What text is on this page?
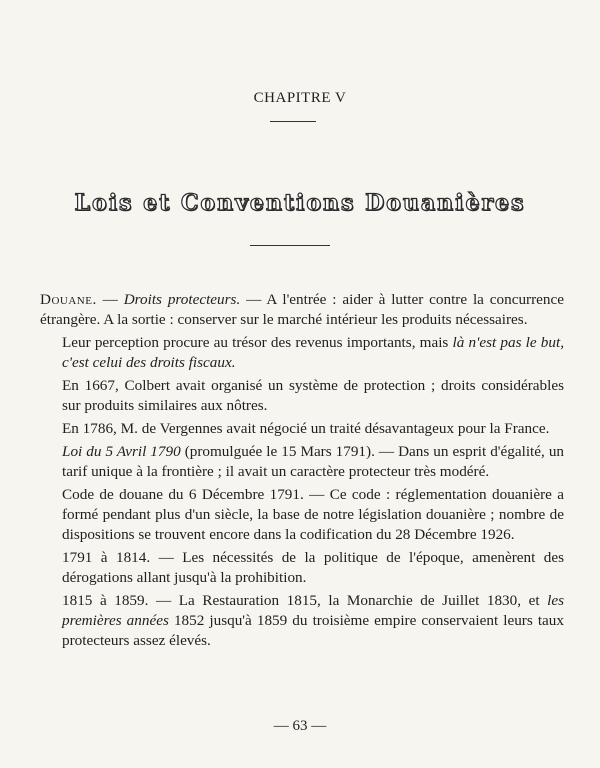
CHAPITRE V
Lois et Conventions Douanières

Douane. — Droits protecteurs. — A l'entrée : aider à lutter contre la concurrence étrangère. A la sortie : conserver sur le marché intérieur les produits nécessaires.

Leur perception procure au trésor des revenus importants, mais là n'est pas le but, c'est celui des droits fiscaux.

En 1667, Colbert avait organisé un système de protection ; droits considérables sur produits similaires aux nôtres.

En 1786, M. de Vergennes avait négocié un traité désavantageux pour la France.

Loi du 5 Avril 1790 (promulguée le 15 Mars 1791). — Dans un esprit d'égalité, un tarif unique à la frontière ; il avait un caractère protecteur très modéré.

Code de douane du 6 Décembre 1791. — Ce code : réglementation douanière a formé pendant plus d'un siècle, la base de notre législation douanière ; nombre de dispositions se trouvent encore dans la codification du 28 Décembre 1926.

1791 à 1814. — Les nécessités de la politique de l'époque, amenèrent des dérogations allant jusqu'à la prohibition.

1815 à 1859. — La Restauration 1815, la Monarchie de Juillet 1830, et les premières années 1852 jusqu'à 1859 du troisième empire conservaient leurs taux protecteurs assez élevés.

— 63 —
